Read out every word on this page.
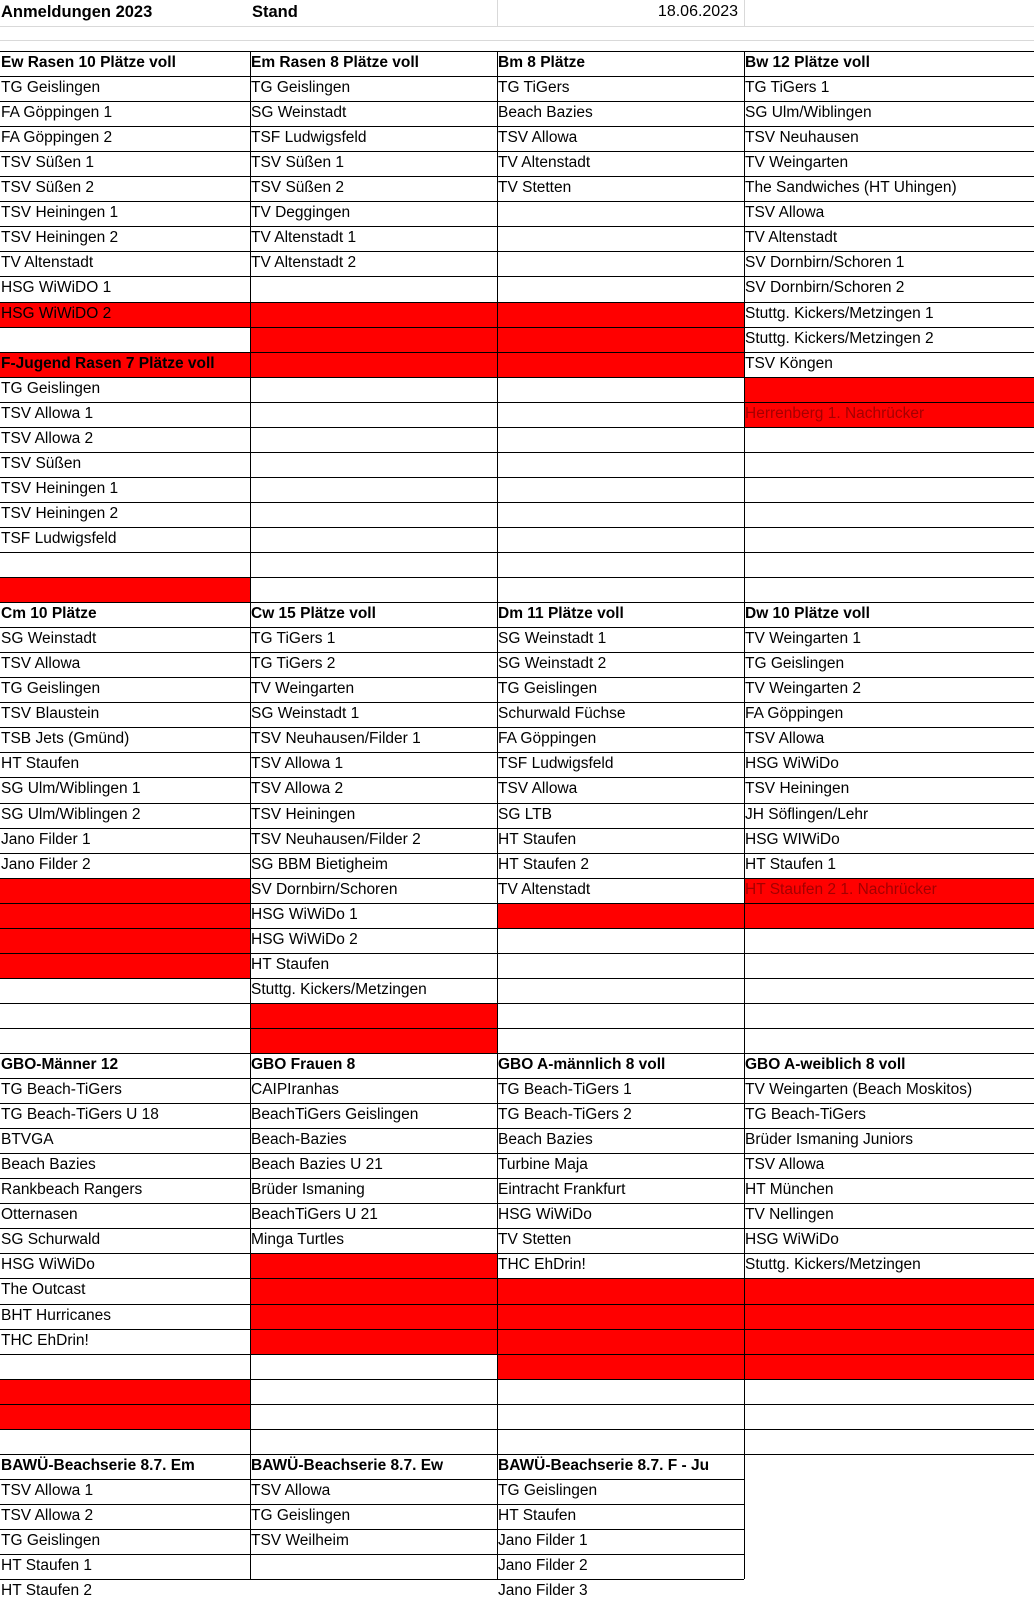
Anmeldungen 2023	Stand	18.06.2023
Ew Rasen 10 Plätze voll
TG Geislingen
FA Göppingen 1
FA Göppingen 2
TSV Süßen 1
TSV Süßen 2
TSV Heiningen 1
TSV Heiningen 2
TV Altenstadt
HSG WiWiDO 1
HSG WiWiDO 2
Em Rasen 8 Plätze voll
TG Geislingen
SG Weinstadt
TSF Ludwigsfeld
TSV Süßen 1
TSV Süßen 2
TV Deggingen
TV Altenstadt 1
TV Altenstadt 2
Bm 8 Plätze
TG TiGers
Beach Bazies
TSV Allowa
TV Altenstadt
TV Stetten
Bw 12 Plätze voll
TG TiGers 1
SG Ulm/Wiblingen
TSV Neuhausen
TV Weingarten
The Sandwiches (HT Uhingen)
TSV Allowa
TV Altenstadt
SV Dornbirn/Schoren 1
SV Dornbirn/Schoren 2
Stuttg. Kickers/Metzingen 1
Stuttg. Kickers/Metzingen 2
TSV Köngen
F-Jugend Rasen 7 Plätze voll
TG Geislingen
TSV Allowa 1
TSV Allowa 2
TSV Süßen
TSV Heiningen 1
TSV Heiningen 2
TSF Ludwigsfeld
Cm 10 Plätze
SG Weinstadt
TSV Allowa
TG Geislingen
TSV Blaustein
TSB Jets (Gmünd)
HT Staufen
SG Ulm/Wiblingen 1
SG Ulm/Wiblingen 2
Jano Filder 1
Jano Filder 2
Cw 15 Plätze voll
TG TiGers 1
TG TiGers 2
TV Weingarten
SG Weinstadt 1
TSV Neuhausen/Filder 1
TSV Allowa 1
TSV Allowa 2
TSV Heiningen
TSV Neuhausen/Filder 2
SG BBM Bietigheim
SV Dornbirn/Schoren
HSG WiWiDo 1
HSG WiWiDo 2
HT Staufen
Stuttg. Kickers/Metzingen
Dm 11 Plätze voll
SG Weinstadt 1
SG Weinstadt 2
TG Geislingen
Schurwald Füchse
FA Göppingen
TSF Ludwigsfeld
TSV Allowa
SG LTB
HT Staufen
HT Staufen 2
TV Altenstadt
Dw 10 Plätze voll
TV Weingarten 1
TG Geislingen
TV Weingarten 2
FA Göppingen
TSV Allowa
HSG WiWiDo
TSV Heiningen
JH Söflingen/Lehr
HSG WIWiDo
HT Staufen 1
GBO-Männer 12
TG Beach-TiGers
TG Beach-TiGers U 18
BTVGA
Beach Bazies
Rankbeach Rangers
Otternasen
SG Schurwald
HSG WiWiDo
The Outcast
BHT Hurricanes
THC EhDrin!
GBO Frauen 8
CAIPIranhas
BeachTiGers Geislingen
Beach-Bazies
Beach Bazies U 21
Brüder Ismaning
BeachTiGers U 21
Minga Turtles
GBO A-männlich 8 voll
TG Beach-TiGers 1
TG Beach-TiGers 2
Beach Bazies
Turbine Maja
Eintracht Frankfurt
HSG WiWiDo
TV Stetten
THC EhDrin!
GBO A-weiblich 8 voll
TV Weingarten (Beach Moskitos)
TG Beach-TiGers
Brüder Ismaning Juniors
TSV Allowa
HT München
TV Nellingen
HSG WiWiDo
Stuttg. Kickers/Metzingen
BAWÜ-Beachserie 8.7. Em
TSV Allowa 1
TSV Allowa 2
TG Geislingen
HT Staufen 1
HT Staufen 2
BAWÜ-Beachserie 8.7. Ew
TSV Allowa
TG Geislingen
TSV Weilheim
BAWÜ-Beachserie 8.7. F - Ju
TG Geislingen
HT Staufen
Jano Filder 1
Jano Filder 2
Jano Filder 3
Herrenberg 1. Nachrücker
HT Staufen 2 1. Nachrücker
